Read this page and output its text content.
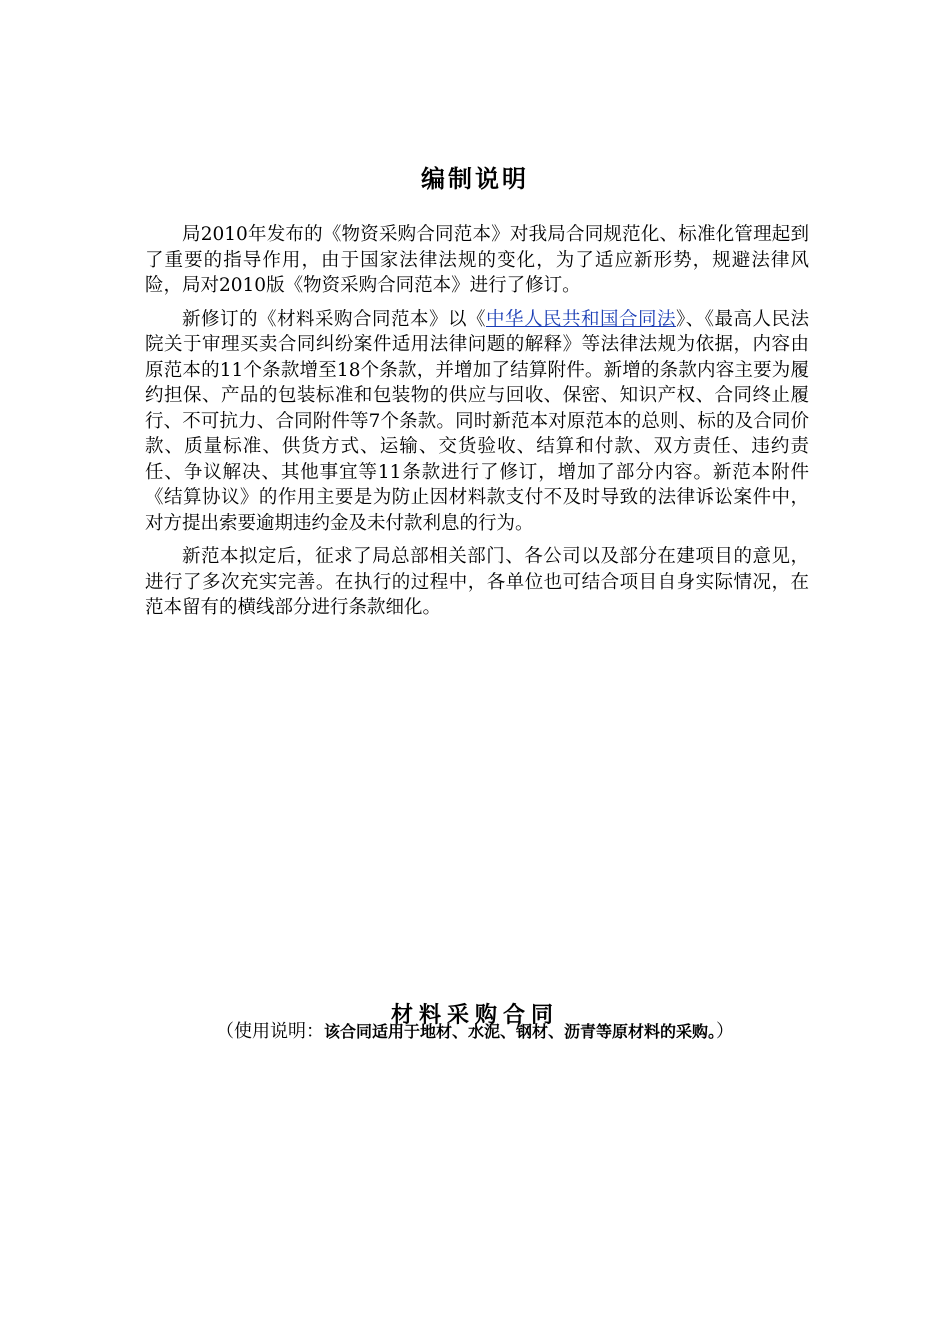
编制说明

局2010年发布的《物资采购合同范本》对我局合同规范化、标准化管理起到了重要的指导作用，由于国家法律法规的变化，为了适应新形势，规避法律风险，局对2010版《物资采购合同范本》进行了修订。

新修订的《材料采购合同范本》以《中华人民共和国合同法》、《最高人民法院关于审理买卖合同纠纷案件适用法律问题的解释》等法律法规为依据，内容由原范本的11个条款增至18个条款，并增加了结算附件。新增的条款内容主要为履约担保、产品的包装标准和包装物的供应与回收、保密、知识产权、合同终止履行、不可抗力、合同附件等7个条款。同时新范本对原范本的总则、标的及合同价款、质量标准、供货方式、运输、交货验收、结算和付款、双方责任、违约责任、争议解决、其他事宜等11条款进行了修订，增加了部分内容。新范本附件《结算协议》的作用主要是为防止因材料款支付不及时导致的法律诉讼案件中，对方提出索要逾期违约金及未付款利息的行为。

新范本拟定后，征求了局总部相关部门、各公司以及部分在建项目的意见，进行了多次充实完善。在执行的过程中，各单位也可结合项目自身实际情况，在范本留有的横线部分进行条款细化。

材料采购合同
（使用说明：该合同适用于地材、水泥、钢材、沥青等原材料的采购。）
